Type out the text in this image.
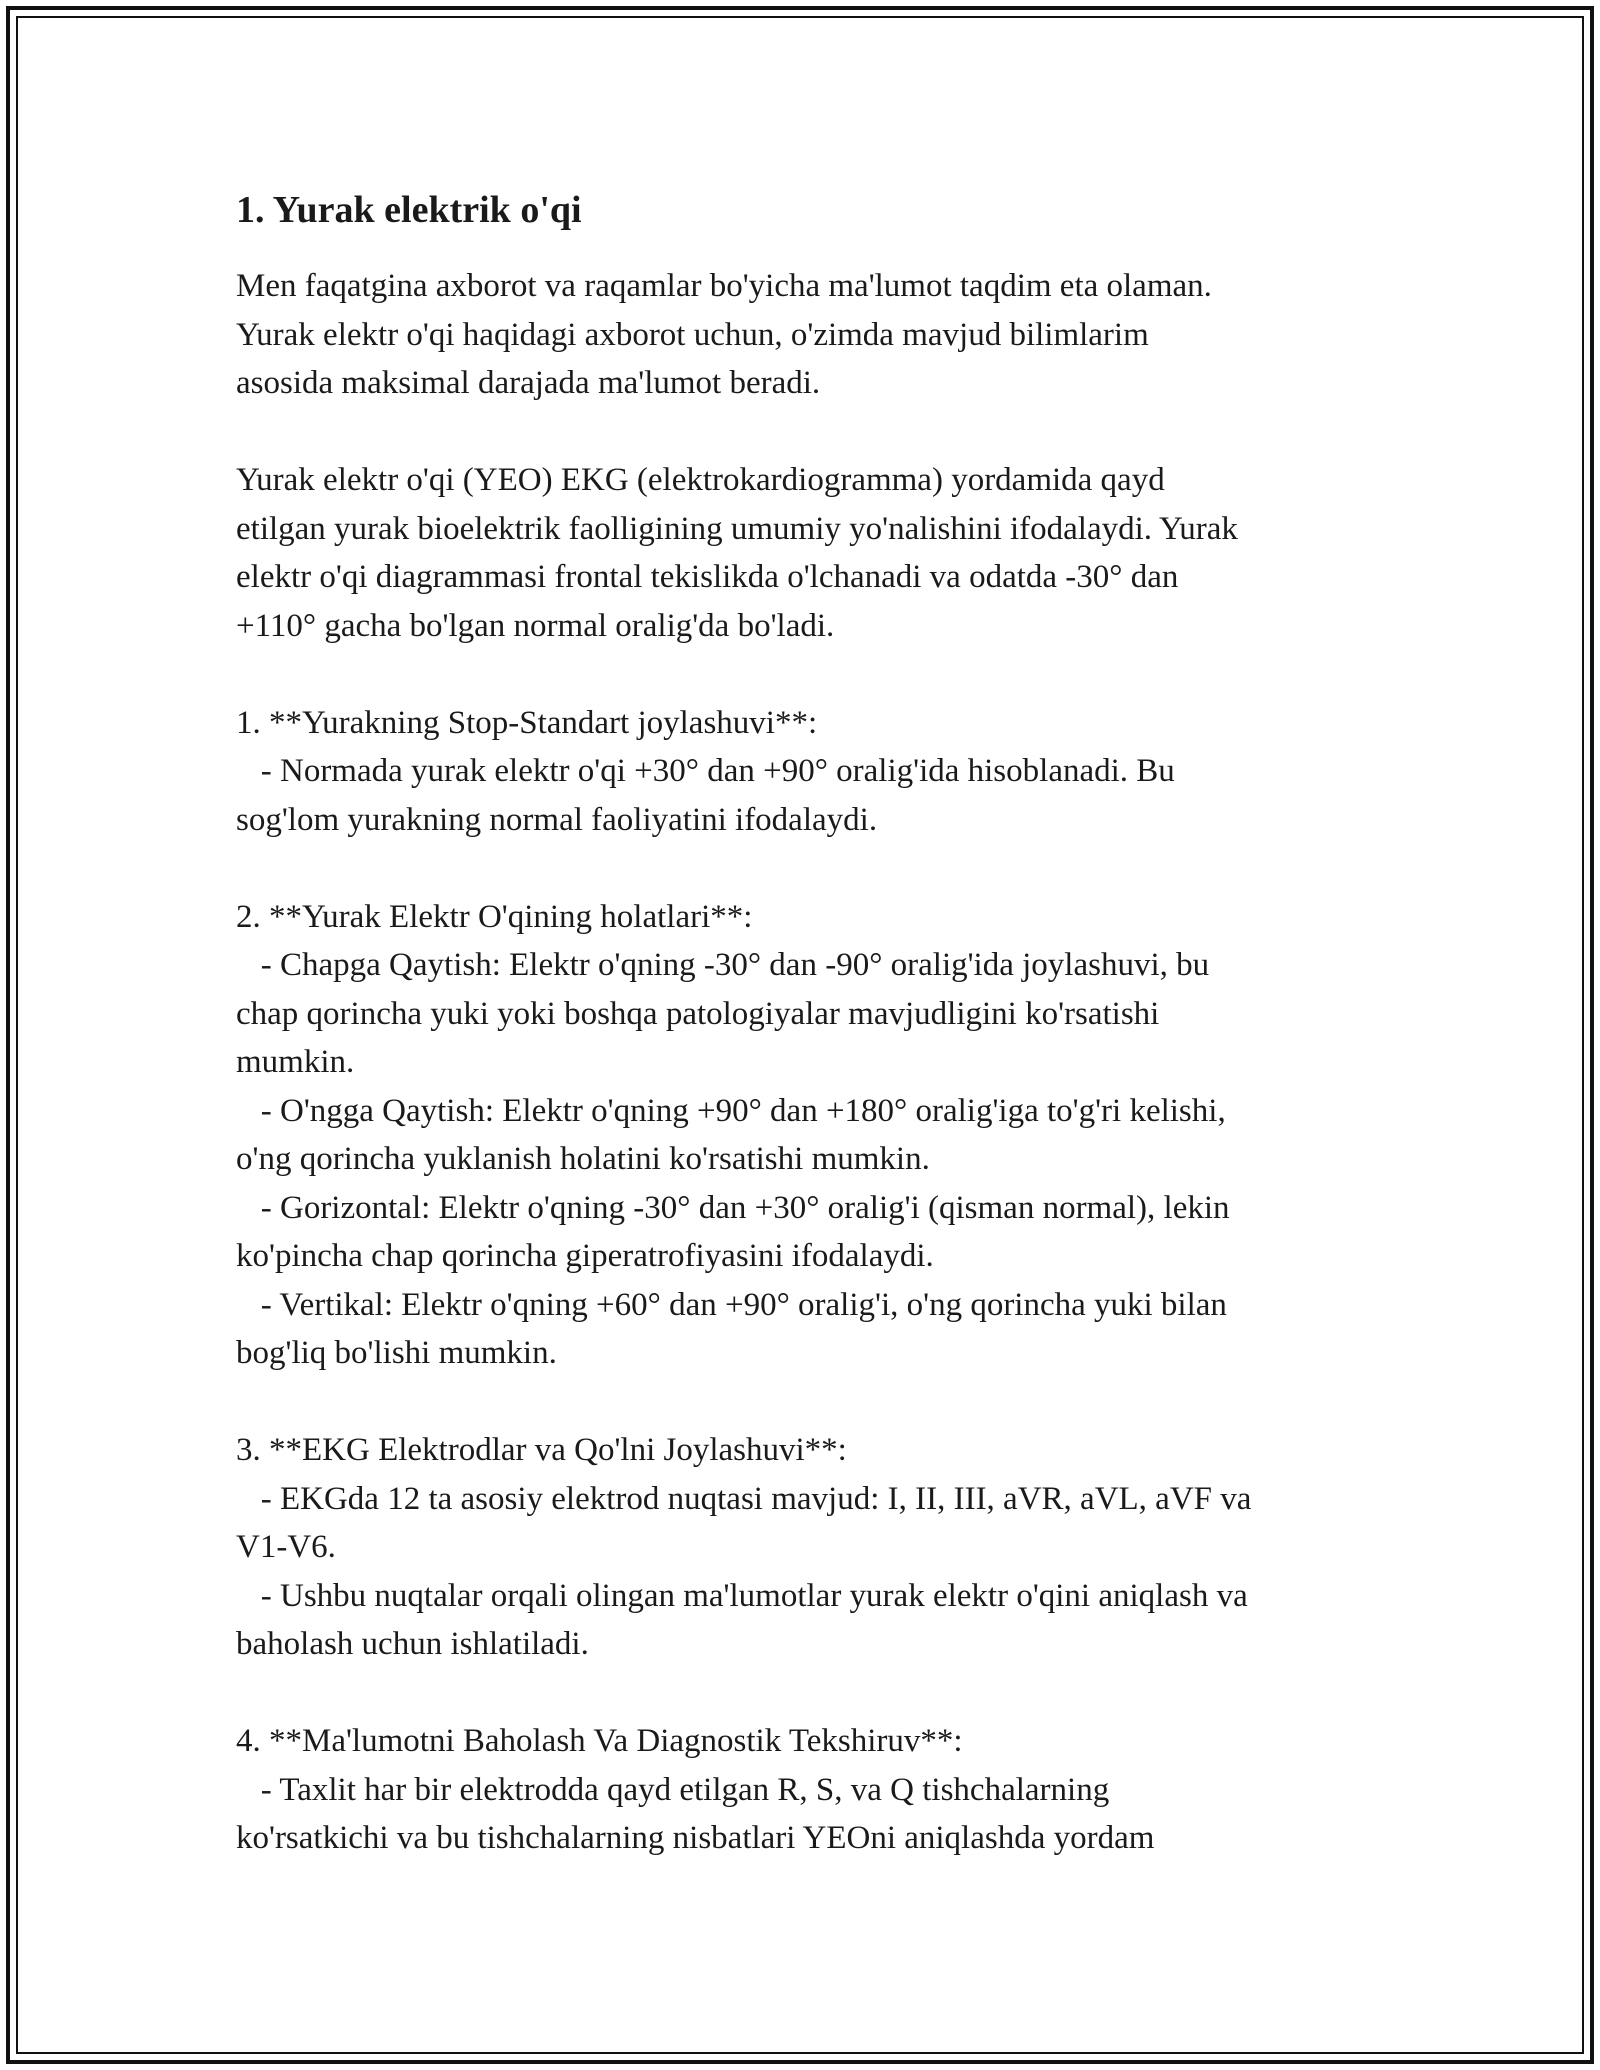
1. Yurak elektrik o'qi

Men faqatgina axborot va raqamlar bo'yicha ma'lumot taqdim eta olaman.
Yurak elektr o'qi haqidagi axborot uchun, o'zimda mavjud bilimlarim
asosida maksimal darajada ma'lumot beradi.

Yurak elektr o'qi (YEO) EKG (elektrokardiogramma) yordamida qayd
etilgan yurak bioelektrik faolligining umumiy yo'nalishini ifodalaydi. Yurak
elektr o'qi diagrammasi frontal tekislikda o'lchanadi va odatda -30° dan
+110° gacha bo'lgan normal oralig'da bo'ladi.

1. **Yurakning Stop-Standart joylashuvi**:
- Normada yurak elektr o'qi +30° dan +90° oralig'ida hisoblanadi. Bu
sog'lom yurakning normal faoliyatini ifodalaydi.

2. **Yurak Elektr O'qining holatlari**:
- Chapga Qaytish: Elektr o'qning -30° dan -90° oralig'ida joylashuvi, bu
chap qorincha yuki yoki boshqa patologiyalar mavjudligini ko'rsatishi
mumkin.
- O'ngga Qaytish: Elektr o'qning +90° dan +180° oralig'iga to'g'ri kelishi,
o'ng qorincha yuklanish holatini ko'rsatishi mumkin.
- Gorizontal: Elektr o'qning -30° dan +30° oralig'i (qisman normal), lekin
ko'pincha chap qorincha giperatrofiyasini ifodalaydi.
- Vertikal: Elektr o'qning +60° dan +90° oralig'i, o'ng qorincha yuki bilan
bog'liq bo'lishi mumkin.

3. **EKG Elektrodlar va Qo'lni Joylashuvi**:
- EKGda 12 ta asosiy elektrod nuqtasi mavjud: I, II, III, aVR, aVL, aVF va
V1-V6.
- Ushbu nuqtalar orqali olingan ma'lumotlar yurak elektr o'qini aniqlash va
baholash uchun ishlatiladi.

4. **Ma'lumotni Baholash Va Diagnostik Tekshiruv**:
- Taxlit har bir elektrodda qayd etilgan R, S, va Q tishchalarning
ko'rsatkichi va bu tishchalarning nisbatlari YEOni aniqlashda yordam
